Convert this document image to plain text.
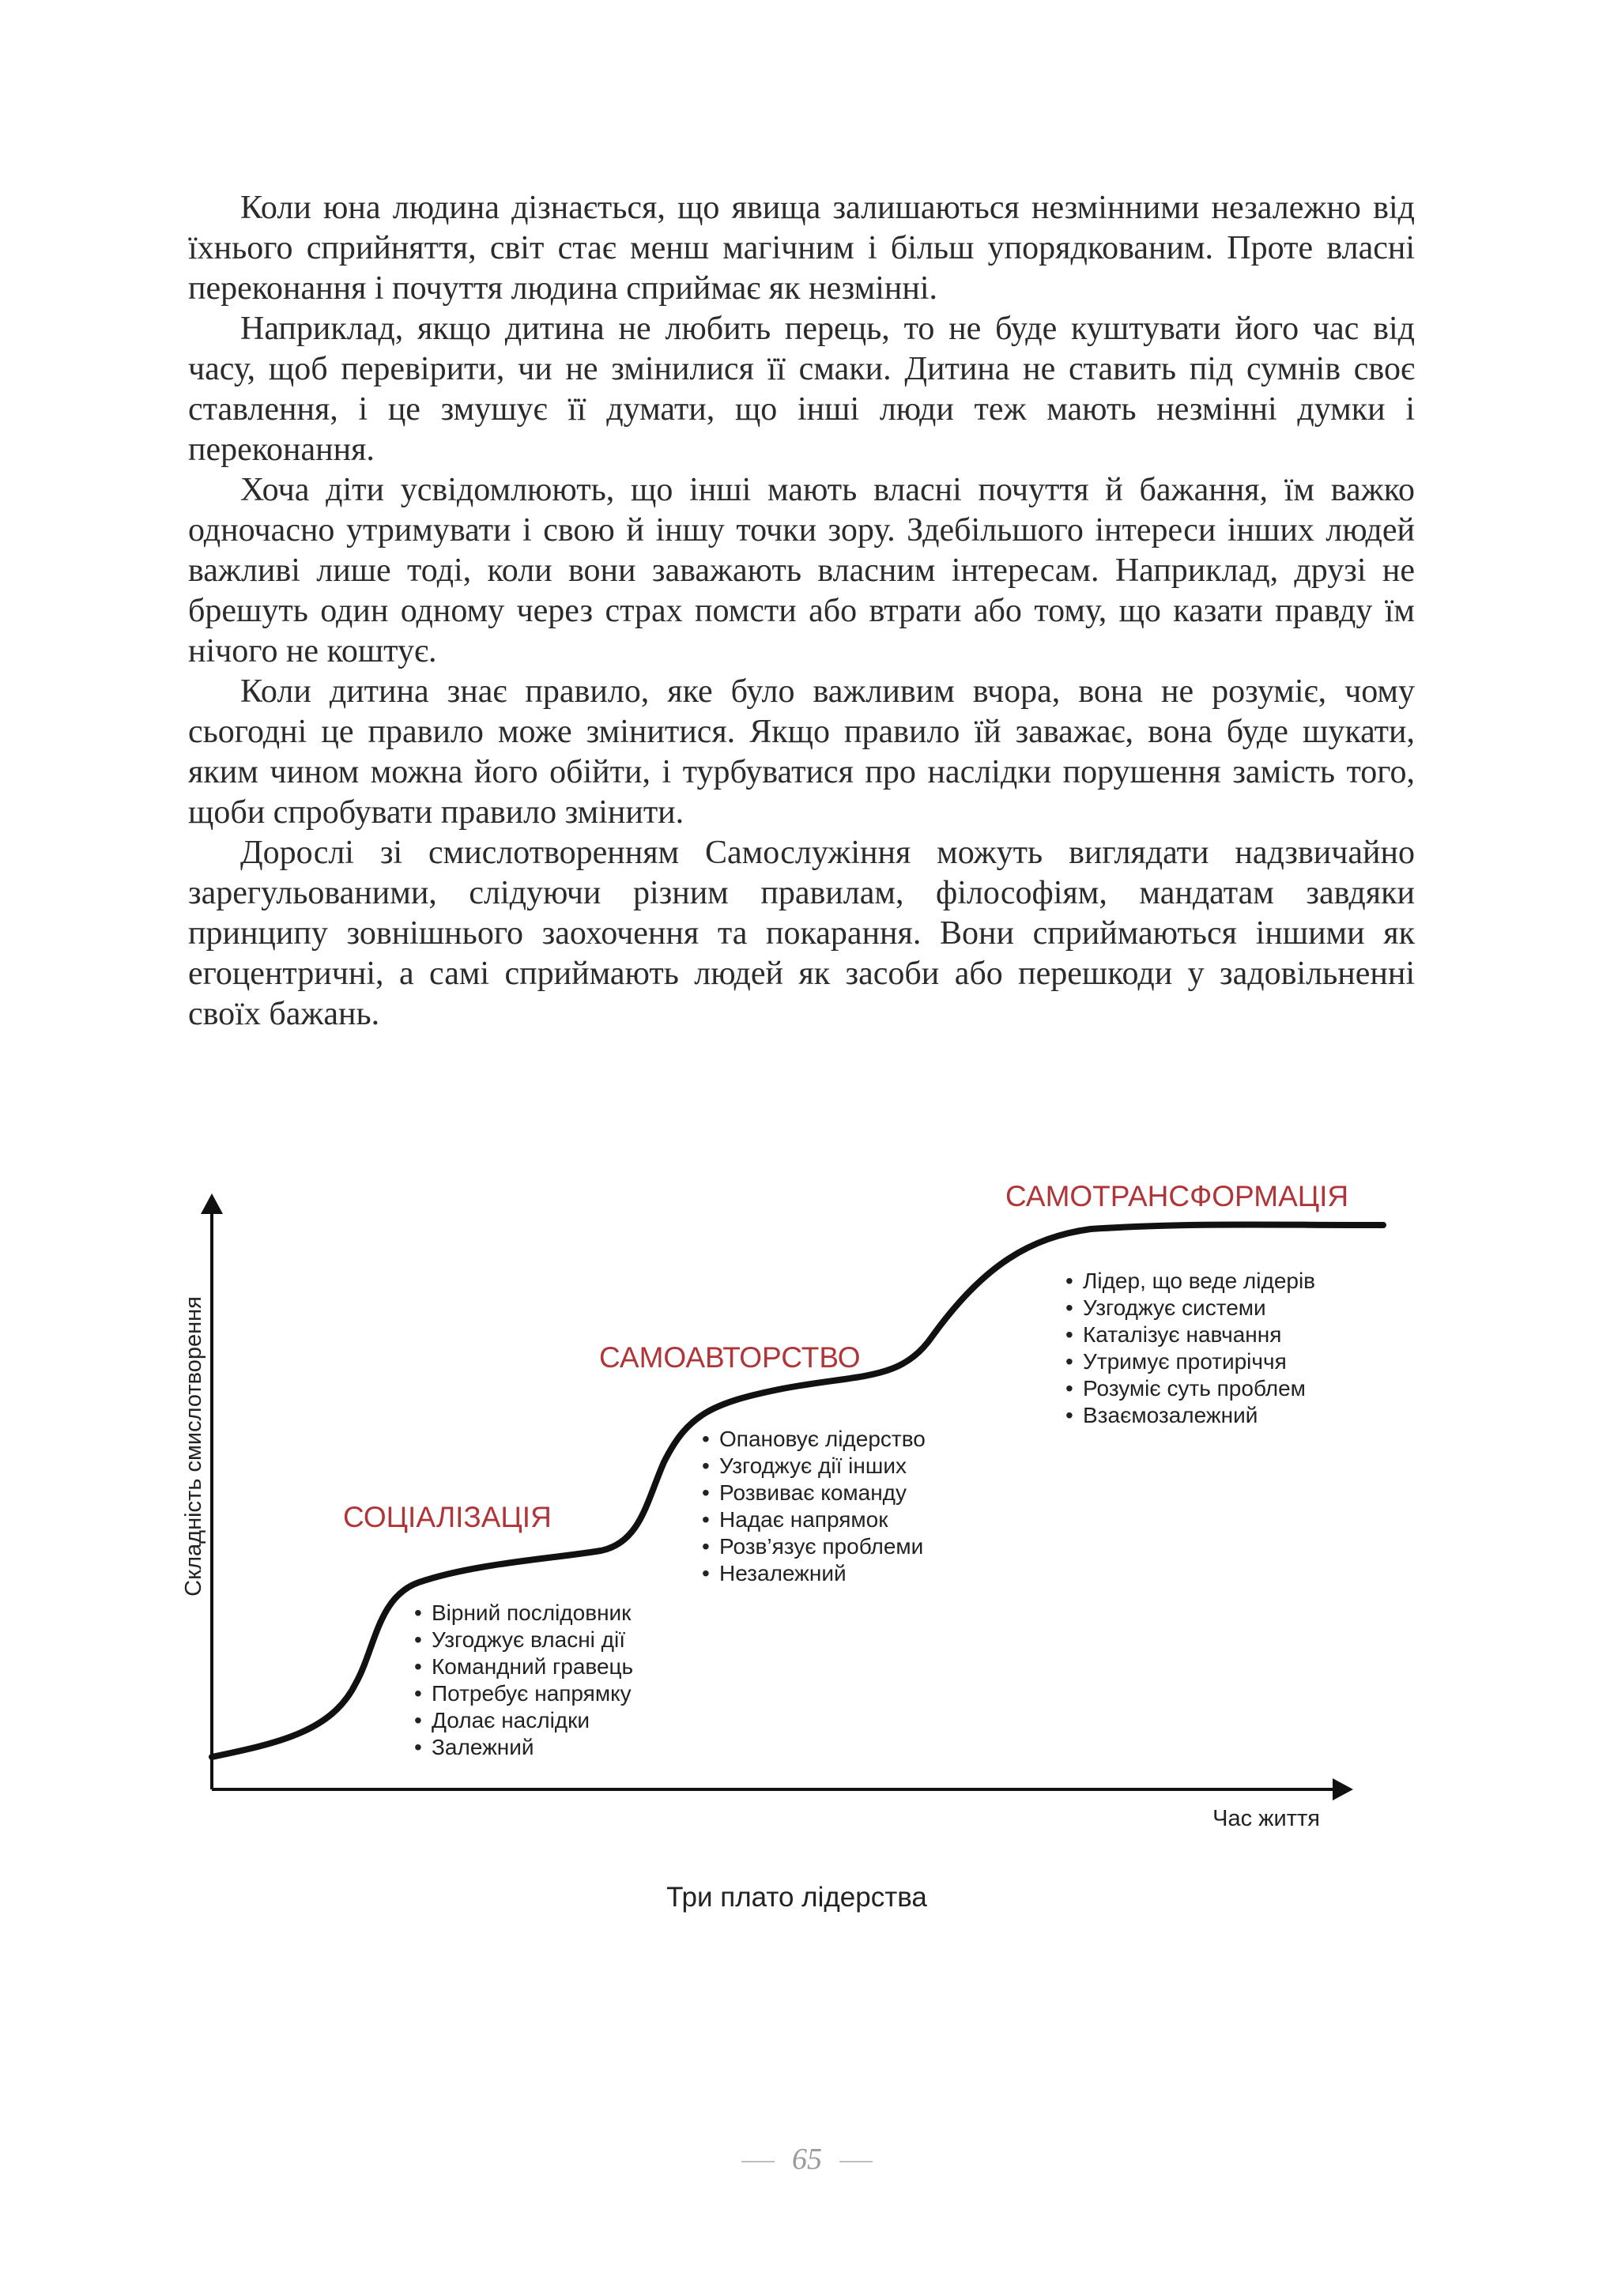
Коли юна людина дізнається, що явища залишаються незмінними незалежно від їхнього сприйняття, світ стає менш магічним і більш упорядкованим. Проте власні переконання і почуття людина сприймає як незмінні.

Наприклад, якщо дитина не любить перець, то не буде куштувати його час від часу, щоб перевірити, чи не змінилися її смаки. Дитина не ставить під сумнів своє ставлення, і це змушує її думати, що інші люди теж мають незмінні думки і переконання.

Хоча діти усвідомлюють, що інші мають власні почуття й бажання, їм важко одночасно утримувати і свою й іншу точки зору. Здебільшого інтереси інших людей важливі лише тоді, коли вони заважають власним інтересам. Наприклад, друзі не брешуть один одному через страх помсти або втрати або тому, що казати правду їм нічого не коштує.

Коли дитина знає правило, яке було важливим вчора, вона не розуміє, чому сьогодні це правило може змінитися. Якщо правило їй заважає, вона буде шукати, яким чином можна його обійти, і турбуватися про наслідки порушення замість того, щоби спробувати правило змінити.

Дорослі зі смислотворенням Самослужіння можуть виглядати надзвичайно зарегульованими, слідуючи різним правилам, філософіям, мандатам завдяки принципу зовнішнього заохочення та покарання. Вони сприймаються іншими як егоцентричні, а самі сприймають людей як засоби або перешкоди у задовільненні своїх бажань.

Складність смислотворення
Час життя
СОЦІАЛІЗАЦІЯ
• Вірний послідовник
• Узгоджує власні дії
• Командний гравець
• Потребує напрямку
• Долає наслідки
• Залежний
САМОАВТОРСТВО
• Опановує лідерство
• Узгоджує дії інших
• Розвиває команду
• Надає напрямок
• Розв’язує проблеми
• Незалежний
САМОТРАНСФОРМАЦІЯ
• Лідер, що веде лідерів
• Узгоджує системи
• Каталізує навчання
• Утримує протиріччя
• Розуміє суть проблем
• Взаємозалежний
Три плато лідерства
65
